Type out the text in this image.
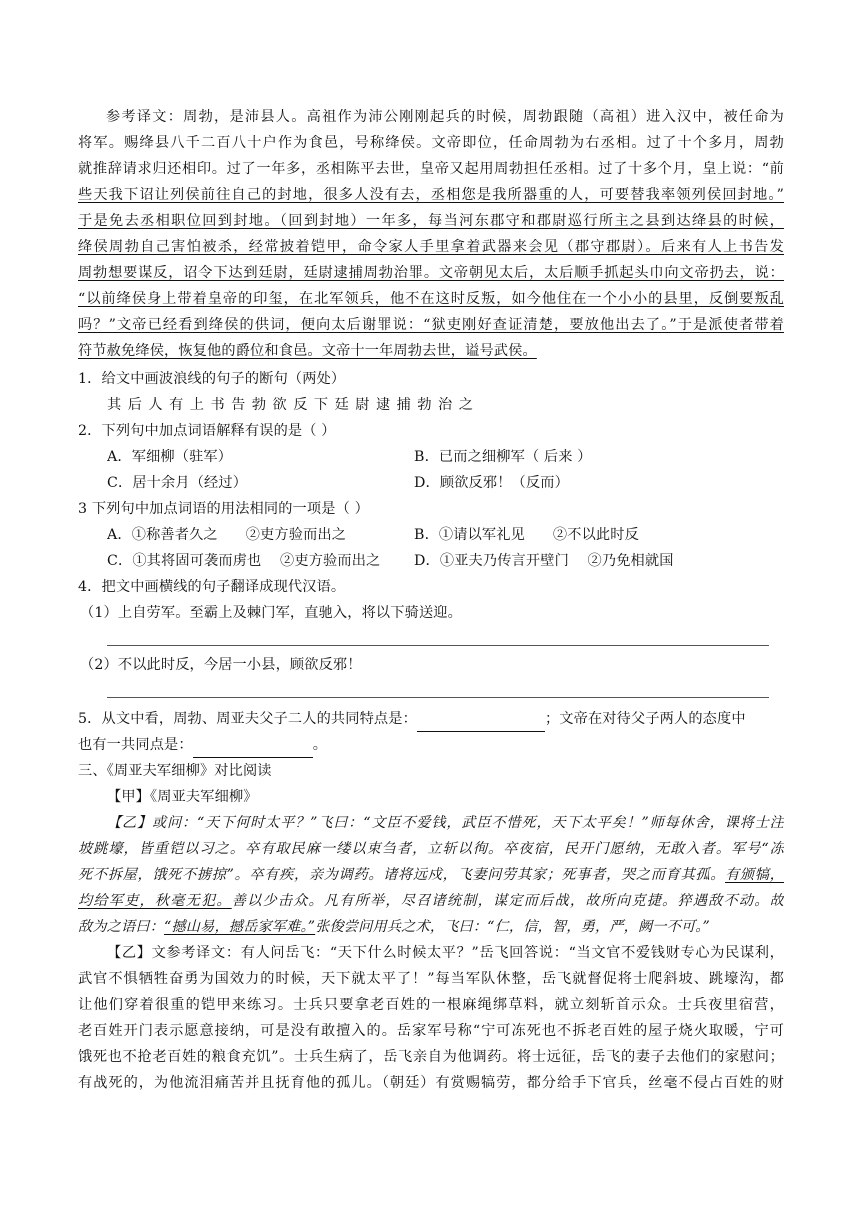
参考译文：周勃，是沛县人。高祖作为沛公刚刚起兵的时候，周勃跟随（高祖）进入汉中，被任命为
将军。赐绛县八千二百八十户作为食邑，号称绛侯。文帝即位，任命周勃为右丞相。过了十个多月，周勃
就推辞请求归还相印。过了一年多，丞相陈平去世，皇帝又起用周勃担任丞相。过了十多个月，皇上说：“前
些天我下诏让列侯前往自己的封地，很多人没有去，丞相您是我所器重的人，可要替我率领列侯回封地。”
于是免去丞相职位回到封地。（回到封地）一年多，每当河东郡守和郡尉巡行所主之县到达绛县的时候，
绛侯周勃自己害怕被杀，经常披着铠甲，命令家人手里拿着武器来会见（郡守郡尉）。后来有人上书告发
周勃想要谋反，诏令下达到廷尉，廷尉逮捕周勃治罪。文帝朝见太后，太后顺手抓起头巾向文帝扔去，说：
“以前绛侯身上带着皇帝的印玺，在北军领兵，他不在这时反叛，如今他住在一个小小的县里，反倒要叛乱
吗？”文帝已经看到绛侯的供词，便向太后谢罪说：“狱吏刚好查证清楚，要放他出去了。”于是派使者带着
符节赦免绛侯，恢复他的爵位和食邑。文帝十一年周勃去世，谥号武侯。
1．给文中画波浪线的句子的断句（两处）
其后人有上书告勃欲反下廷尉逮捕勃治之
2．下列句中加点词语解释有误的是（ ）
A．军细柳（驻军）	B．已而之细柳军（ 后来 ）
C．居十余月（经过）	D．顾欲反邪！（反而）
3 下列句中加点词语的用法相同的一项是（ ）
A．①称善者久之      ②吏方验而出之	B．①请以军礼见      ②不以此时反
C．①其将固可袭而虏也    ②吏方验而出之	D．①亚夫乃传言开壁门    ②乃免相就国
4．把文中画横线的句子翻译成现代汉语。
（1）上自劳军。至霸上及棘门军，直驰入，将以下骑送迎。
（2）不以此时反，今居一小县，顾欲反邪！
5．从文中看，周勃、周亚夫父子二人的共同特点是：	；文帝在对待父子两人的态度中
也有一共同点是：	。
三、《周亚夫军细柳》对比阅读
【甲】《周亚夫军细柳》
【乙】或问：“天下何时太平？”飞曰：“文臣不爱钱，武臣不惜死，天下太平矣！”师每休舍，课将士注
坡跳壕，皆重铠以习之。卒有取民麻一缕以束刍者，立斩以徇。卒夜宿，民开门愿纳，无敢入者。军号“冻
死不拆屋，饿死不掳掠”。卒有疾，亲为调药。诸将远戍，飞妻问劳其家；死事者，哭之而育其孤。有颁犒，
均给军吏，秋毫无犯。善以少击众。凡有所举，尽召诸统制，谋定而后战，故所向克捷。猝遇敌不动。故
敌为之语曰：“撼山易，撼岳家军难。”张俊尝问用兵之术，飞曰：“仁，信，智，勇，严，阙一不可。”
【乙】文参考译文：有人问岳飞：“天下什么时候太平？”岳飞回答说：“当文官不爱钱财专心为民谋利，
武官不惧牺牲奋勇为国效力的时候，天下就太平了！”每当军队休整，岳飞就督促将士爬斜坡、跳壕沟，都
让他们穿着很重的铠甲来练习。士兵只要拿老百姓的一根麻绳绑草料，就立刻斩首示众。士兵夜里宿营，
老百姓开门表示愿意接纳，可是没有敢擅入的。岳家军号称“宁可冻死也不拆老百姓的屋子烧火取暖，宁可
饿死也不抢老百姓的粮食充饥”。士兵生病了，岳飞亲自为他调药。将士远征，岳飞的妻子去他们的家慰问；
有战死的，为他流泪痛苦并且抚育他的孤儿。（朝廷）有赏赐犒劳，都分给手下官兵，丝毫不侵占百姓的财
